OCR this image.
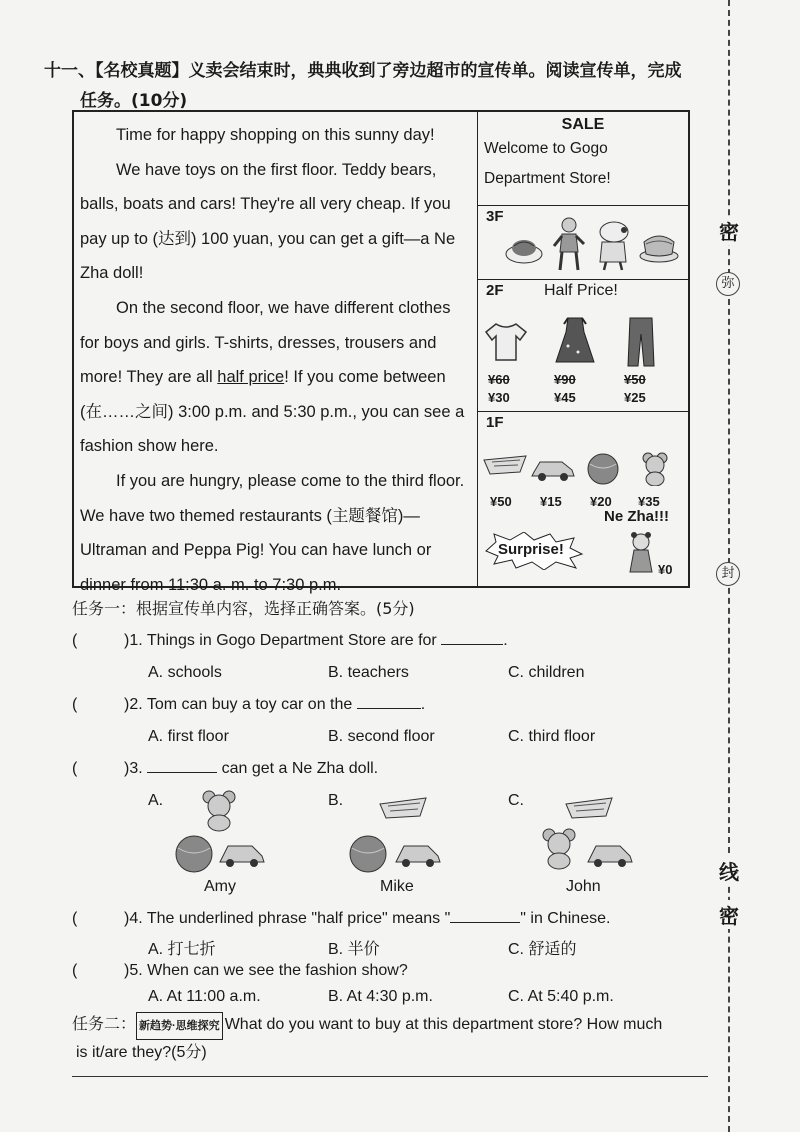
密
弥
封
线
密
十一、【名校真题】义卖会结束时，典典收到了旁边超市的宣传单。阅读宣传单，完成
任务。(10分)

Time for happy shopping on this sunny day!

We have toys on the first floor. Teddy bears, balls, boats and cars! They're all very cheap. If you pay up to (达到) 100 yuan, you can get a gift—a Ne Zha doll!

On the second floor, we have different clothes for boys and girls. T-shirts, dresses, trousers and more! They are all half price! If you come between (在……之间) 3:00 p.m. and 5:30 p.m., you can see a fashion show here.

If you are hungry, please come to the third floor. We have two themed restaurants (主题餐馆)— Ultraman and Peppa Pig! You can have lunch or dinner from 11:30 a. m. to 7:30 p.m.

SALE
Welcome to Gogo Department Store!
3F
2F	Half Price!
¥60	¥90	¥50
¥30	¥45	¥25
1F
¥50 ¥15 ¥20 ¥35
Ne Zha!!!
Surprise!
¥0
任务一：根据宣传单内容，选择正确答案。(5分)
(	)1. Things in Gogo Department Store are for	.
A. schools	B. teachers	C. children
(	)2. Tom can buy a toy car on the	.
A. first floor	B. second floor	C. third floor
(	)3.	can get a Ne Zha doll.
A.	B.	C.
Amy	Mike	John
(	)4. The underlined phrase "half price" means "	" in Chinese.
A. 打七折	B. 半价	C. 舒适的
(	)5. When can we see the fashion show?
A. At 11:00 a.m.	B. At 4:30 p.m.	C. At 5:40 p.m.
任务二： 新趋势·思维探究 What do you want to buy at this department store? How much
is it/are they?(5分)
